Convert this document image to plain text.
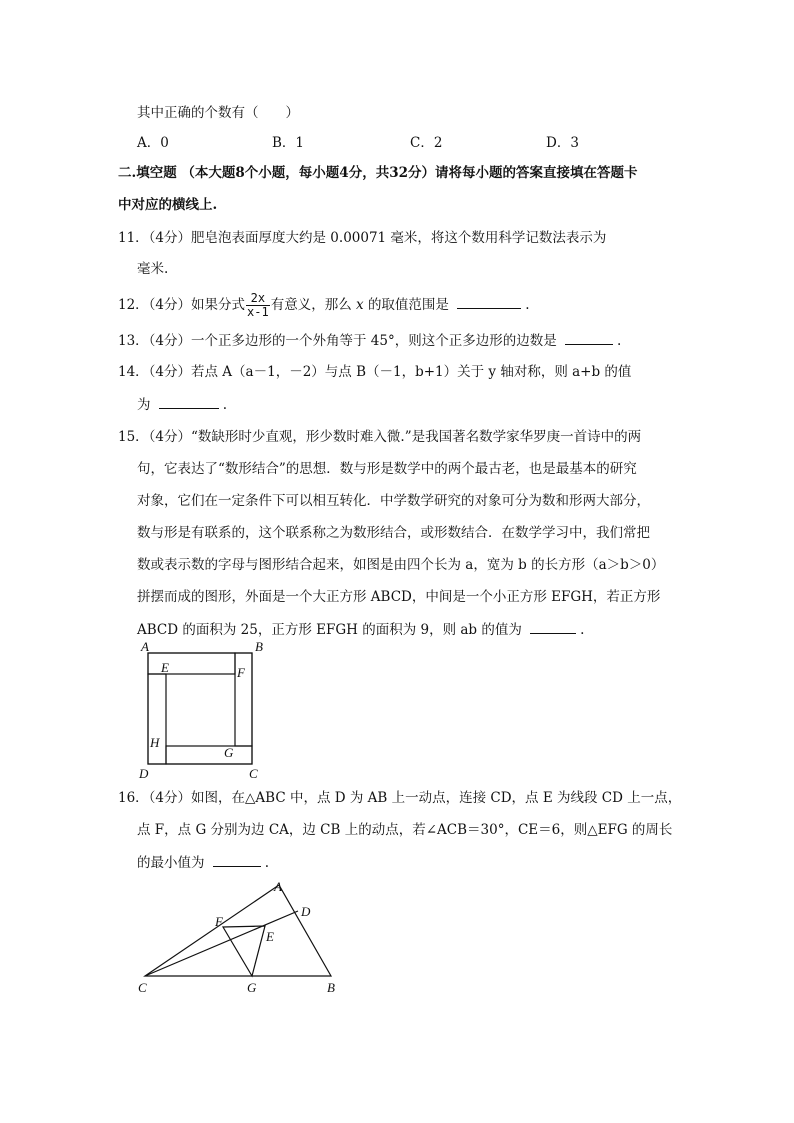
其中正确的个数有（　　）
A．0	B．1	C．2	D．3
二.填空题 （本大题8个小题，每小题4分，共32分）请将每小题的答案直接填在答题卡
中对应的横线上.
11．（4分）肥皂泡表面厚度大约是 0.00071 毫米，将这个数用科学记数法表示为
毫米.
12．（4分）如果分式 $\frac{2x}{x-1}$ 有意义，那么 x 的取值范围是	.
13．（4分）一个正多边形的一个外角等于 45°，则这个正多边形的边数是	.
14．（4分）若点 A（a－1，－2）与点 B（－1，b+1）关于 y 轴对称，则 a+b 的值
为	.
15．（4分）“数缺形时少直观，形少数时难入微.”是我国著名数学家华罗庚一首诗中的两
句，它表达了“数形结合”的思想．数与形是数学中的两个最古老，也是最基本的研究
对象，它们在一定条件下可以相互转化．中学数学研究的对象可分为数和形两大部分，
数与形是有联系的，这个联系称之为数形结合，或形数结合．在数学学习中，我们常把
数或表示数的字母与图形结合起来，如图是由四个长为 a，宽为 b 的长方形（a＞b＞0）
拼摆而成的图形，外面是一个大正方形 ABCD，中间是一个小正方形 EFGH，若正方形
ABCD 的面积为 25，正方形 EFGH 的面积为 9，则 ab 的值为	.
A	B
C
D
E	F
G
H
16．（4分）如图，在△ABC 中，点 D 为 AB 上一动点，连接 CD，点 E 为线段 CD 上一点，
点 F，点 G 分别为边 CA，边 CB 上的动点，若∠ACB＝30°，CE＝6，则△EFG 的周长
的最小值为	.
A
B
C
D
E
F
G
